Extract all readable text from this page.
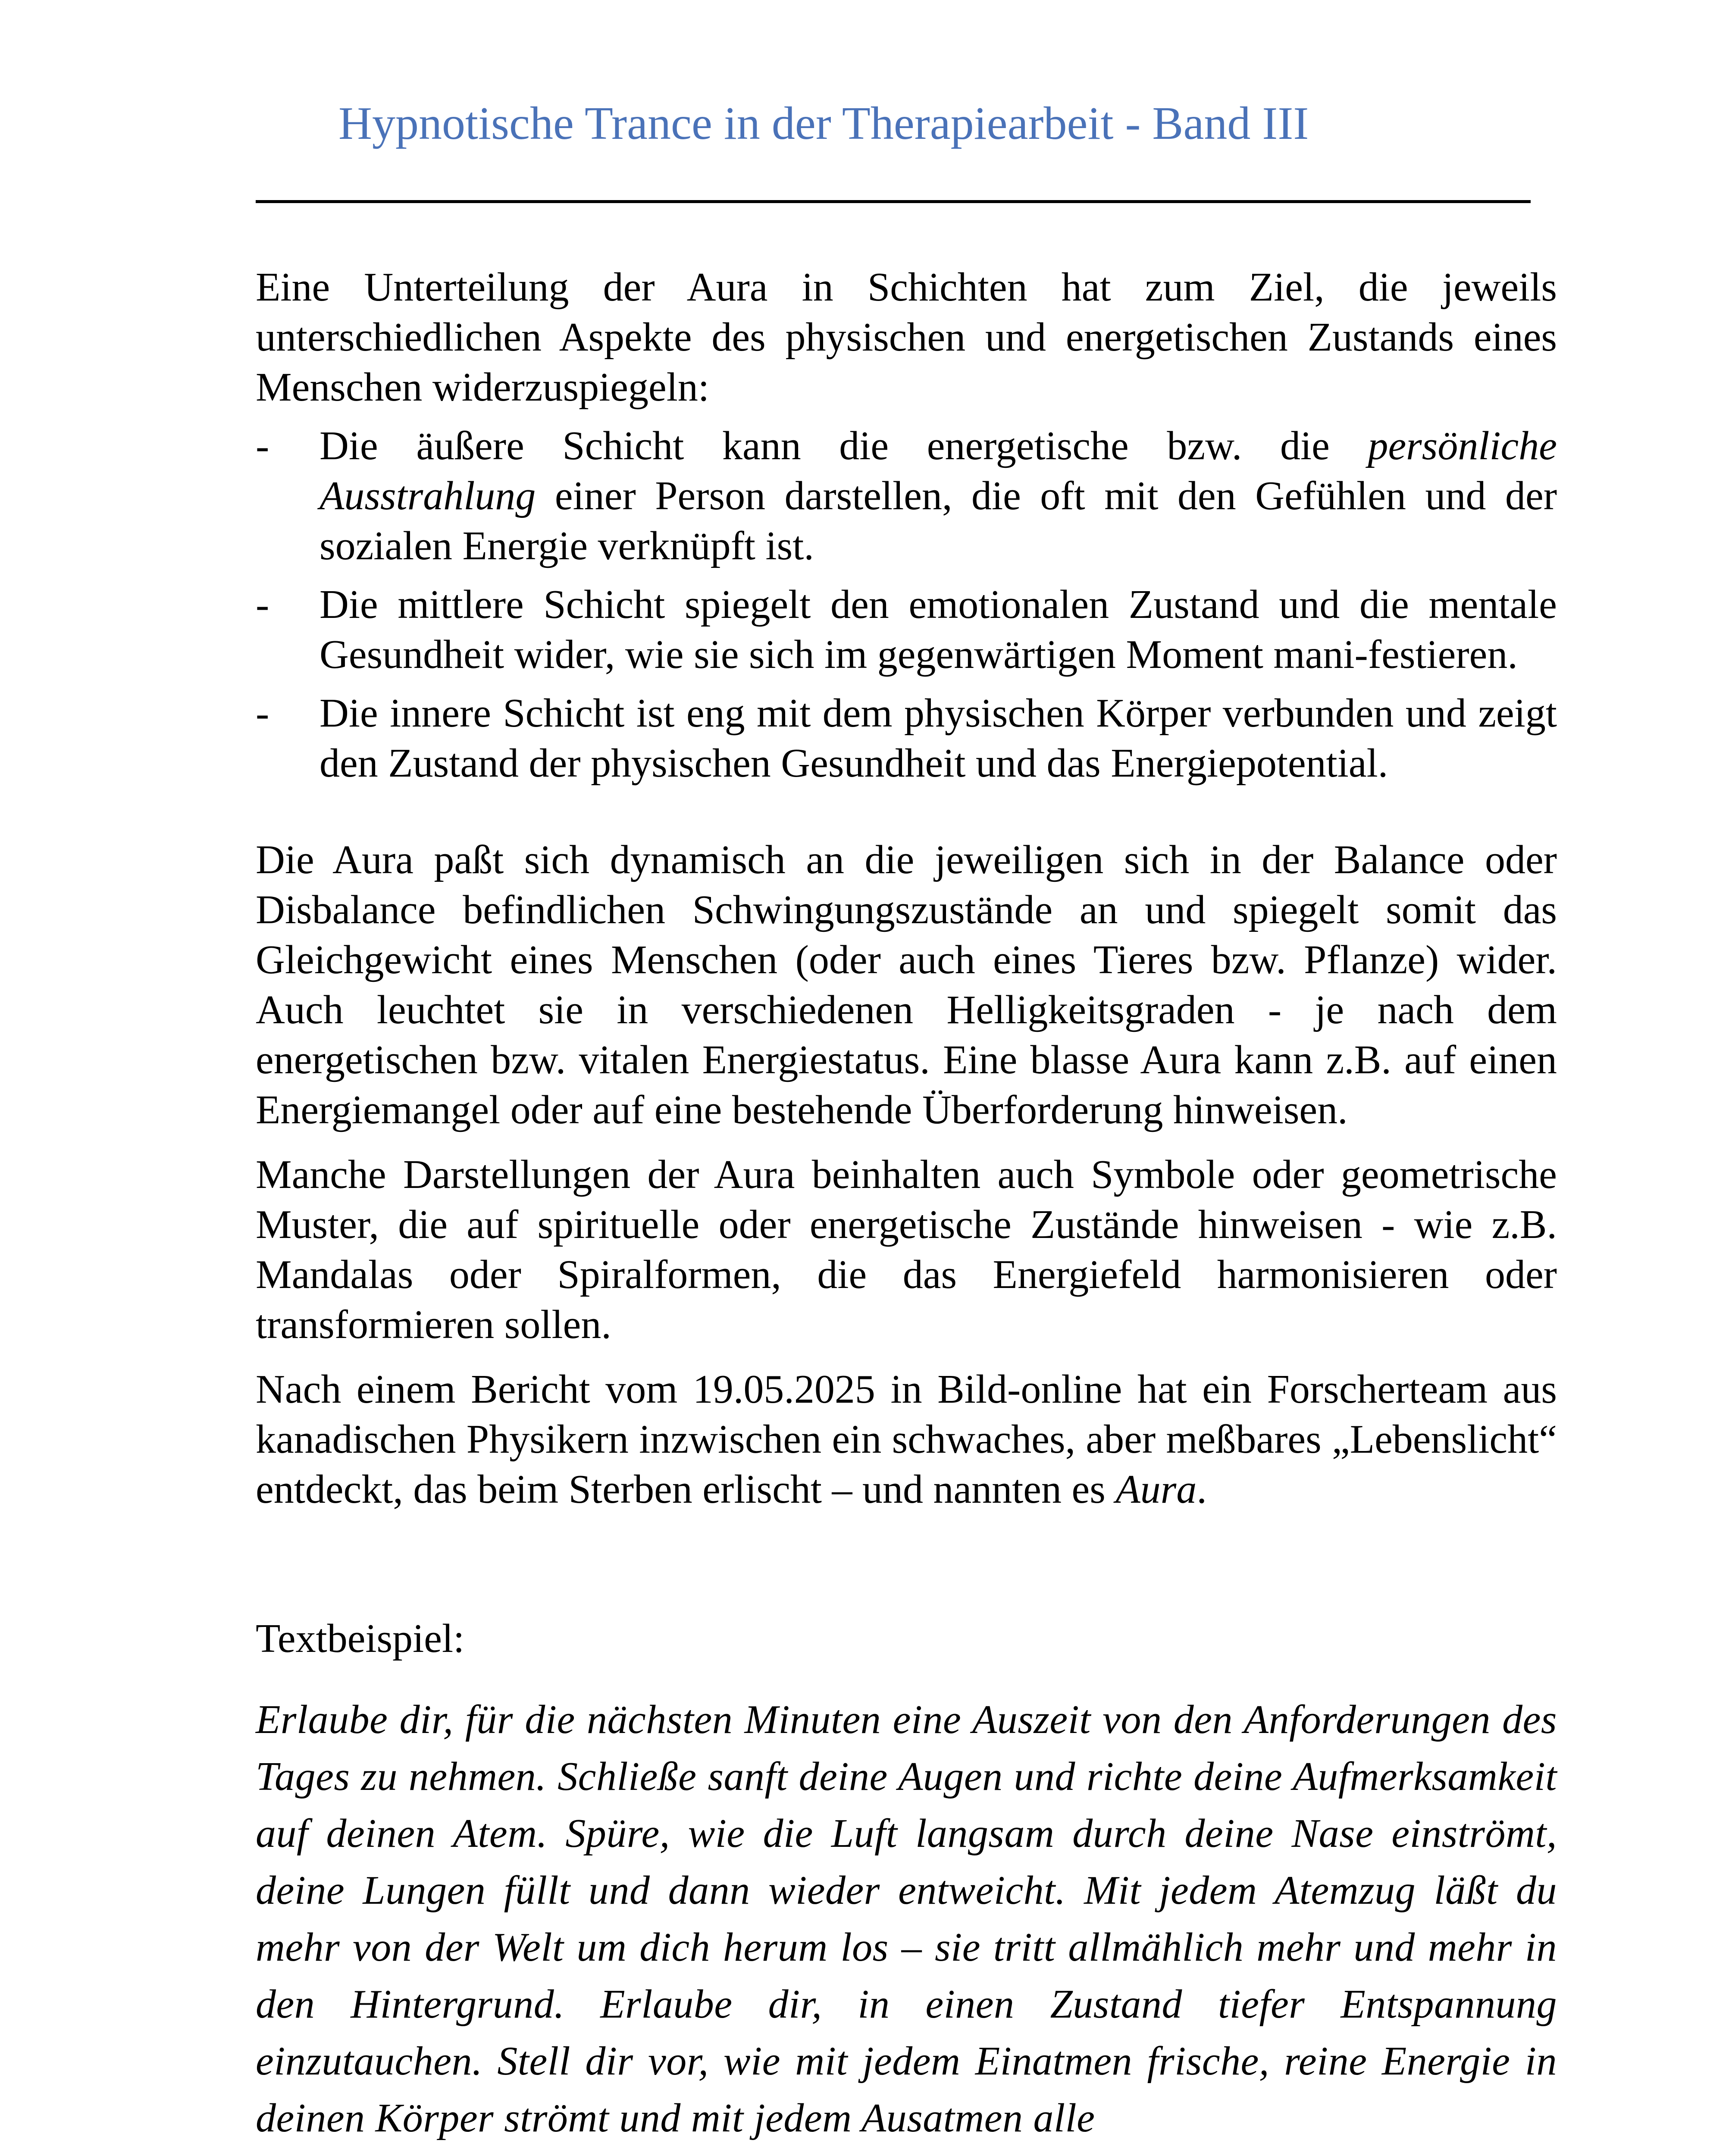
Hypnotische Trance in der Therapiearbeit - Band III

Eine Unterteilung der Aura in Schichten hat zum Ziel, die jeweils unterschiedlichen Aspekte des physischen und energetischen Zustands eines Menschen widerzuspiegeln:

- Die äußere Schicht kann die energetische bzw. die persönliche Ausstrahlung einer Person darstellen, die oft mit den Gefühlen und der sozialen Energie verknüpft ist.
- Die mittlere Schicht spiegelt den emotionalen Zustand und die mentale Gesundheit wider, wie sie sich im gegenwärtigen Moment mani-festieren.
- Die innere Schicht ist eng mit dem physischen Körper verbunden und zeigt den Zustand der physischen Gesundheit und das Energiepotential.

Die Aura paßt sich dynamisch an die jeweiligen sich in der Balance oder Disbalance befindlichen Schwingungszustände an und spiegelt somit das Gleichgewicht eines Menschen (oder auch eines Tieres bzw. Pflanze) wider. Auch leuchtet sie in verschiedenen Helligkeitsgraden - je nach dem energetischen bzw. vitalen Energiestatus. Eine blasse Aura kann z.B. auf einen Energiemangel oder auf eine bestehende Überforderung hinweisen.

Manche Darstellungen der Aura beinhalten auch Symbole oder geometrische Muster, die auf spirituelle oder energetische Zustände hinweisen - wie z.B. Mandalas oder Spiralformen, die das Energiefeld harmonisieren oder transformieren sollen.

Nach einem Bericht vom 19.05.2025 in Bild-online hat ein Forscherteam aus kanadischen Physikern inzwischen ein schwaches, aber meßbares „Lebenslicht“ entdeckt, das beim Sterben erlischt – und nannten es Aura.

Textbeispiel:

Erlaube dir, für die nächsten Minuten eine Auszeit von den Anforderungen des Tages zu nehmen. Schließe sanft deine Augen und richte deine Aufmerksamkeit auf deinen Atem. Spüre, wie die Luft langsam durch deine Nase einströmt, deine Lungen füllt und dann wieder entweicht. Mit jedem Atemzug läßt du mehr von der Welt um dich herum los – sie tritt allmählich mehr und mehr in den Hintergrund. Erlaube dir, in einen Zustand tiefer Entspannung einzutauchen. Stell dir vor, wie mit jedem Einatmen frische, reine Energie in deinen Körper strömt und mit jedem Ausatmen alle
